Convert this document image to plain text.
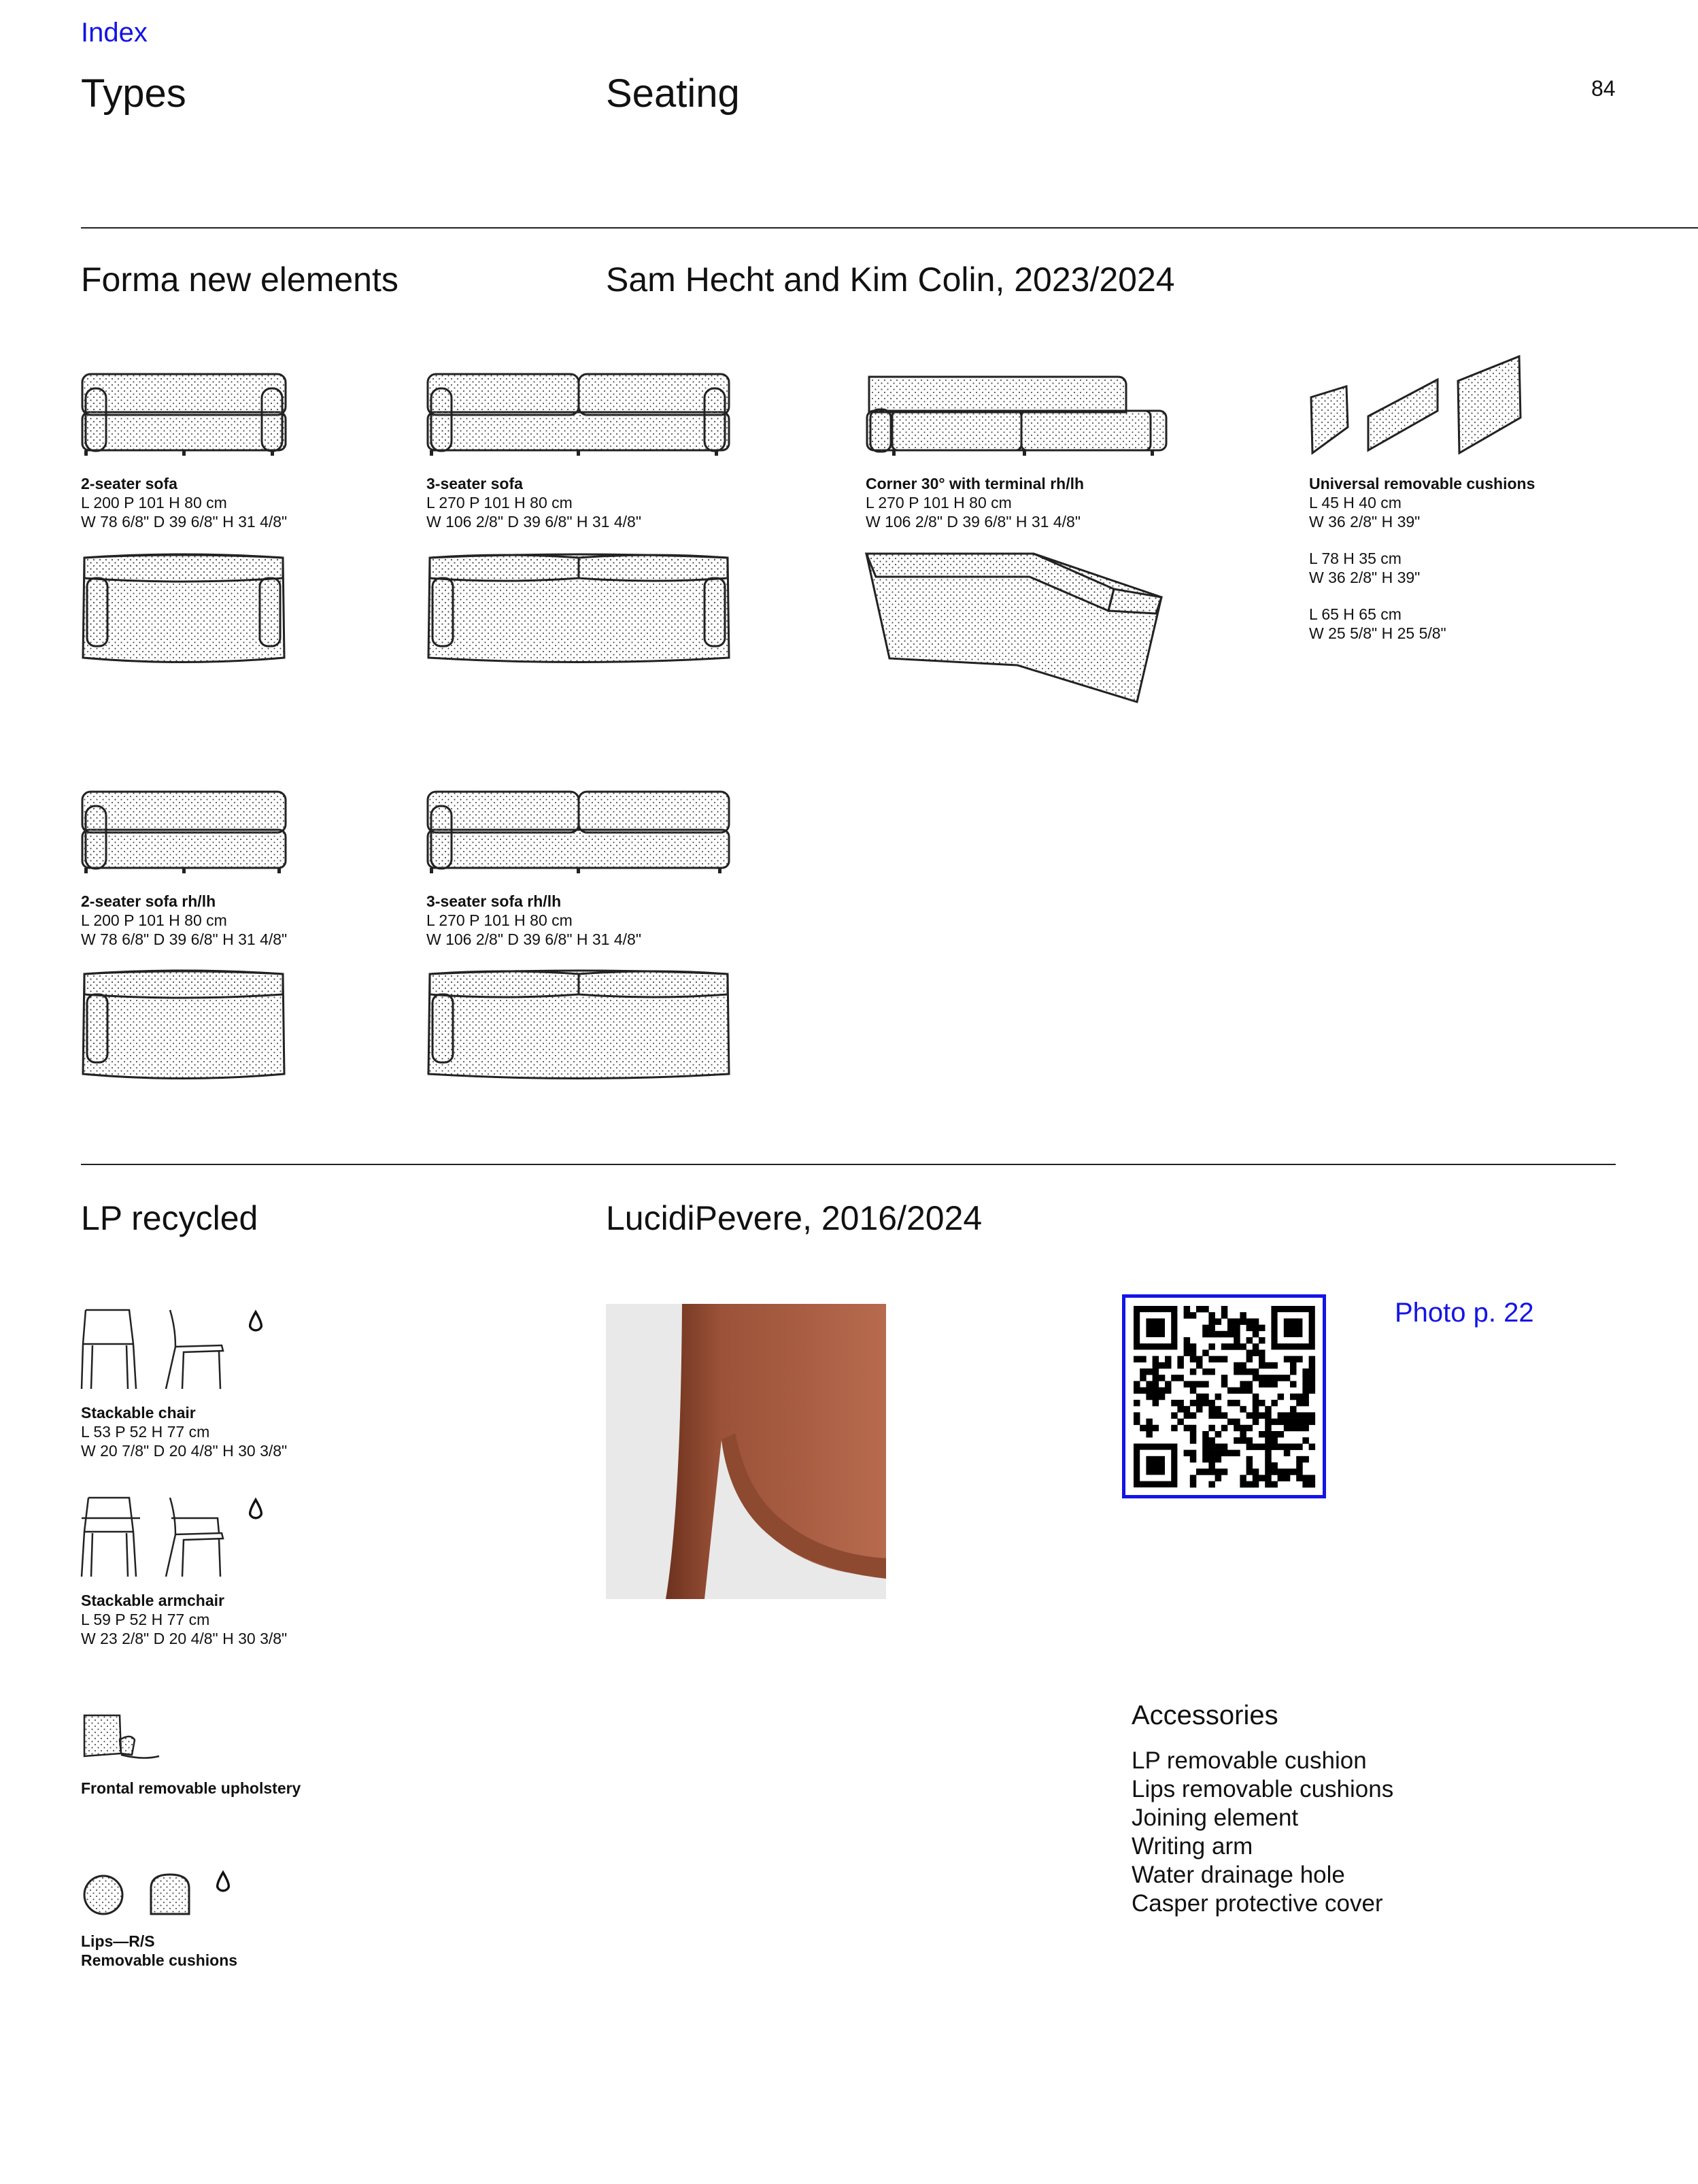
Index
Types	Seating	84
Forma new elements	Sam Hecht and Kim Colin, 2023/2024
2-seater sofa
L 200 P 101 H 80 cm
W 78 6/8" D 39 6/8" H 31 4/8"
3-seater sofa
L 270 P 101 H 80 cm
W 106 2/8" D 39 6/8" H 31 4/8"
Corner 30° with terminal rh/lh
L 270 P 101 H 80 cm
W 106 2/8" D 39 6/8" H 31 4/8"
Universal removable cushions
L 45 H 40 cm
W 36 2/8" H 39"

L 78 H 35 cm
W 36 2/8" H 39"

L 65 H 65 cm
W 25 5/8" H 25 5/8"
2-seater sofa rh/lh
L 200 P 101 H 80 cm
W 78 6/8" D 39 6/8" H 31 4/8"
3-seater sofa rh/lh
L 270 P 101 H 80 cm
W 106 2/8" D 39 6/8" H 31 4/8"
LP recycled	LucidiPevere, 2016/2024
Stackable chair
L 53 P 52 H 77 cm
W 20 7/8" D 20 4/8" H 30 3/8"
Stackable armchair
L 59 P 52 H 77 cm
W 23 2/8" D 20 4/8" H 30 3/8"
Frontal removable upholstery
Lips—R/S
Removable cushions
Photo p. 22
Accessories
LP removable cushion
Lips removable cushions
Joining element
Writing arm
Water drainage hole
Casper protective cover
